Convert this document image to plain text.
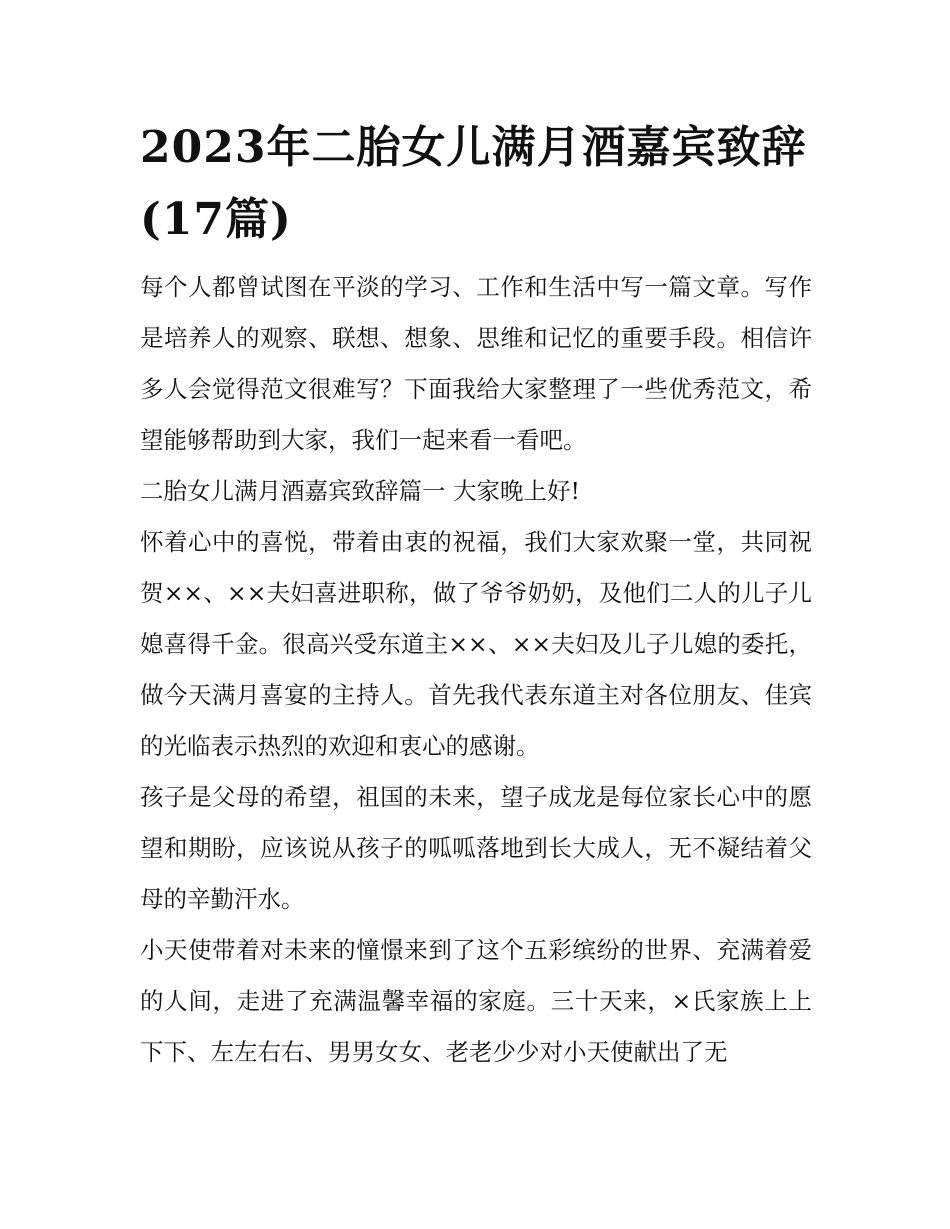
2023年二胎女儿满月酒嘉宾致辞(17篇)

每个人都曾试图在平淡的学习、工作和生活中写一篇文章。写作是培养人的观察、联想、想象、思维和记忆的重要手段。相信许多人会觉得范文很难写？下面我给大家整理了一些优秀范文，希望能够帮助到大家，我们一起来看一看吧。

二胎女儿满月酒嘉宾致辞篇一 大家晚上好!

怀着心中的喜悦，带着由衷的祝福，我们大家欢聚一堂，共同祝贺××、××夫妇喜进职称，做了爷爷奶奶，及他们二人的儿子儿媳喜得千金。很高兴受东道主××、××夫妇及儿子儿媳的委托，做今天满月喜宴的主持人。首先我代表东道主对各位朋友、佳宾的光临表示热烈的欢迎和衷心的感谢。

孩子是父母的希望，祖国的未来，望子成龙是每位家长心中的愿望和期盼，应该说从孩子的呱呱落地到长大成人，无不凝结着父母的辛勤汗水。

小天使带着对未来的憧憬来到了这个五彩缤纷的世界、充满着爱的人间，走进了充满温馨幸福的家庭。三十天来，×氏家族上上下下、左左右右、男男女女、老老少少对小天使献出了无
